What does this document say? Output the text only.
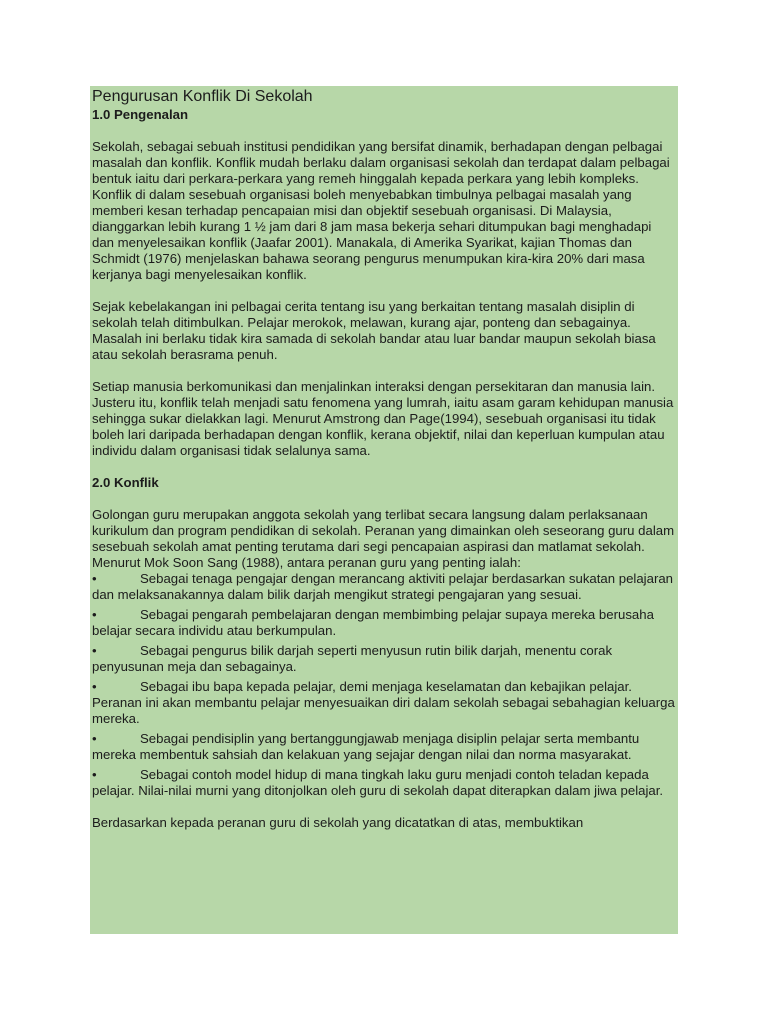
Pengurusan Konflik Di Sekolah
1.0 Pengenalan

Sekolah, sebagai sebuah institusi pendidikan yang bersifat dinamik, berhadapan dengan pelbagai masalah dan konflik. Konflik mudah berlaku dalam organisasi sekolah dan terdapat dalam pelbagai bentuk iaitu dari perkara-perkara yang remeh hinggalah kepada perkara yang lebih kompleks. Konflik di dalam sesebuah organisasi boleh menyebabkan timbulnya pelbagai masalah yang memberi kesan terhadap pencapaian misi dan objektif sesebuah organisasi. Di Malaysia, dianggarkan lebih kurang 1 ½ jam dari 8 jam masa bekerja sehari ditumpukan bagi menghadapi dan menyelesaikan konflik (Jaafar 2001). Manakala, di Amerika Syarikat, kajian Thomas dan Schmidt (1976) menjelaskan bahawa seorang pengurus menumpukan kira-kira 20% dari masa kerjanya bagi menyelesaikan konflik.

Sejak kebelakangan ini pelbagai cerita tentang isu yang berkaitan tentang masalah disiplin di sekolah telah ditimbulkan. Pelajar merokok, melawan, kurang ajar, ponteng dan sebagainya. Masalah ini berlaku tidak kira samada di sekolah bandar atau luar bandar maupun sekolah biasa atau sekolah berasrama penuh.

Setiap manusia berkomunikasi dan menjalinkan interaksi dengan persekitaran dan manusia lain. Justeru itu, konflik telah menjadi satu fenomena yang lumrah, iaitu asam garam kehidupan manusia sehingga sukar dielakkan lagi. Menurut Amstrong dan Page(1994), sesebuah organisasi itu tidak boleh lari daripada berhadapan dengan konflik, kerana objektif, nilai dan keperluan kumpulan atau individu dalam organisasi tidak selalunya sama.

2.0 Konflik

Golongan guru merupakan anggota sekolah yang terlibat secara langsung dalam perlaksanaan kurikulum dan program pendidikan di sekolah. Peranan yang dimainkan oleh seseorang guru dalam sesebuah sekolah amat penting terutama dari segi pencapaian aspirasi dan matlamat sekolah. Menurut Mok Soon Sang (1988), antara peranan guru yang penting ialah:

•	Sebagai tenaga pengajar dengan merancang aktiviti pelajar berdasarkan sukatan pelajaran dan melaksanakannya dalam bilik darjah mengikut strategi pengajaran yang sesuai.
•	Sebagai pengarah pembelajaran dengan membimbing pelajar supaya mereka berusaha belajar secara individu atau berkumpulan.
•	Sebagai pengurus bilik darjah seperti menyusun rutin bilik darjah, menentu corak penyusunan meja dan sebagainya.
•	Sebagai ibu bapa kepada pelajar, demi menjaga keselamatan dan kebajikan pelajar. Peranan ini akan membantu pelajar menyesuaikan diri dalam sekolah sebagai sebahagian keluarga mereka.
•	Sebagai pendisiplin yang bertanggungjawab menjaga disiplin pelajar serta membantu mereka membentuk sahsiah dan kelakuan yang sejajar dengan nilai dan norma masyarakat.
•	Sebagai contoh model hidup di mana tingkah laku guru menjadi contoh teladan kepada pelajar. Nilai-nilai murni yang ditonjolkan oleh guru di sekolah dapat diterapkan dalam jiwa pelajar.

Berdasarkan kepada peranan guru di sekolah yang dicatatkan di atas, membuktikan
